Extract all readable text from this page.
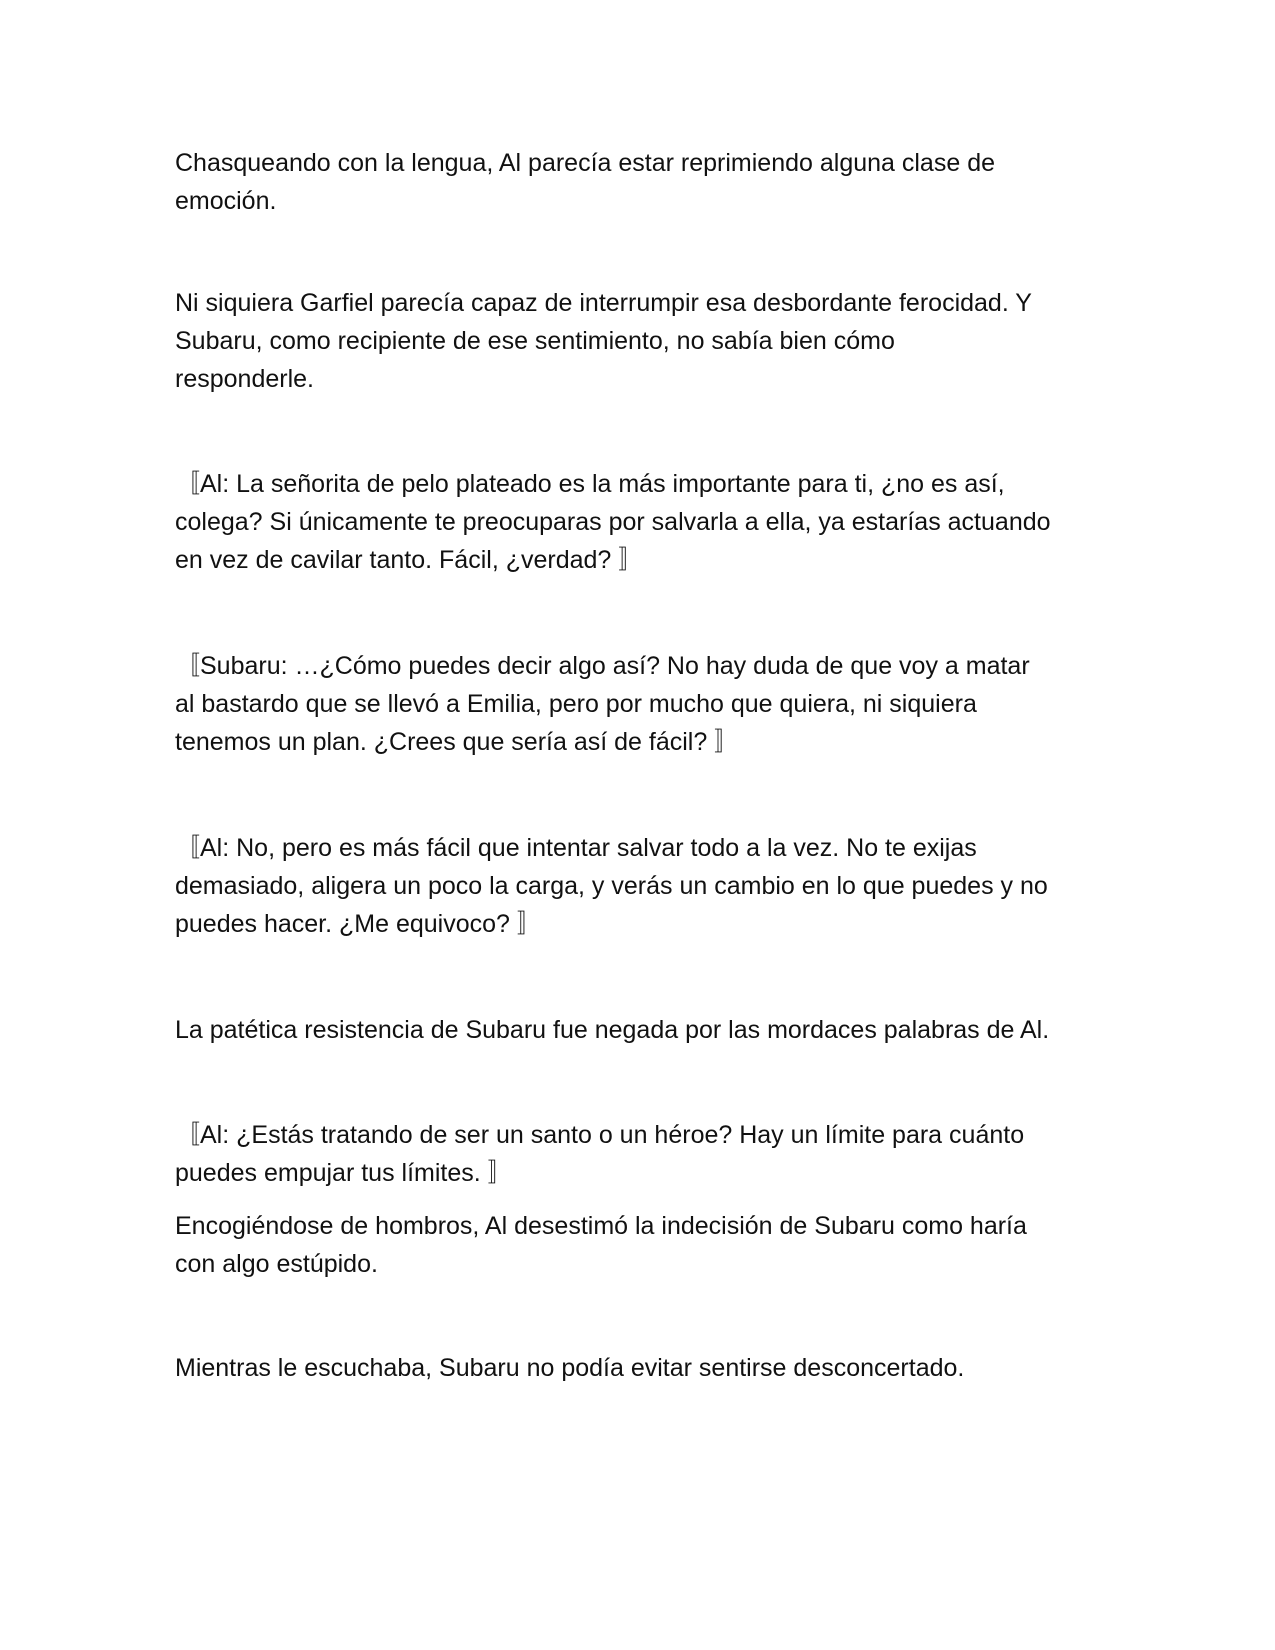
Chasqueando con la lengua, Al parecía estar reprimiendo alguna clase de
emoción.

Ni siquiera Garfiel parecía capaz de interrumpir esa desbordante ferocidad. Y
Subaru, como recipiente de ese sentimiento, no sabía bien cómo
responderle.

〚Al: La señorita de pelo plateado es la más importante para ti, ¿no es así,
colega? Si únicamente te preocuparas por salvarla a ella, ya estarías actuando
en vez de cavilar tanto. Fácil, ¿verdad? 〛

〚Subaru: …¿Cómo puedes decir algo así? No hay duda de que voy a matar
al bastardo que se llevó a Emilia, pero por mucho que quiera, ni siquiera
tenemos un plan. ¿Crees que sería así de fácil? 〛

〚Al: No, pero es más fácil que intentar salvar todo a la vez. No te exijas
demasiado, aligera un poco la carga, y verás un cambio en lo que puedes y no
puedes hacer. ¿Me equivoco? 〛

La patética resistencia de Subaru fue negada por las mordaces palabras de Al.

〚Al: ¿Estás tratando de ser un santo o un héroe? Hay un límite para cuánto
puedes empujar tus límites. 〛

Encogiéndose de hombros, Al desestimó la indecisión de Subaru como haría
con algo estúpido.

Mientras le escuchaba, Subaru no podía evitar sentirse desconcertado.
